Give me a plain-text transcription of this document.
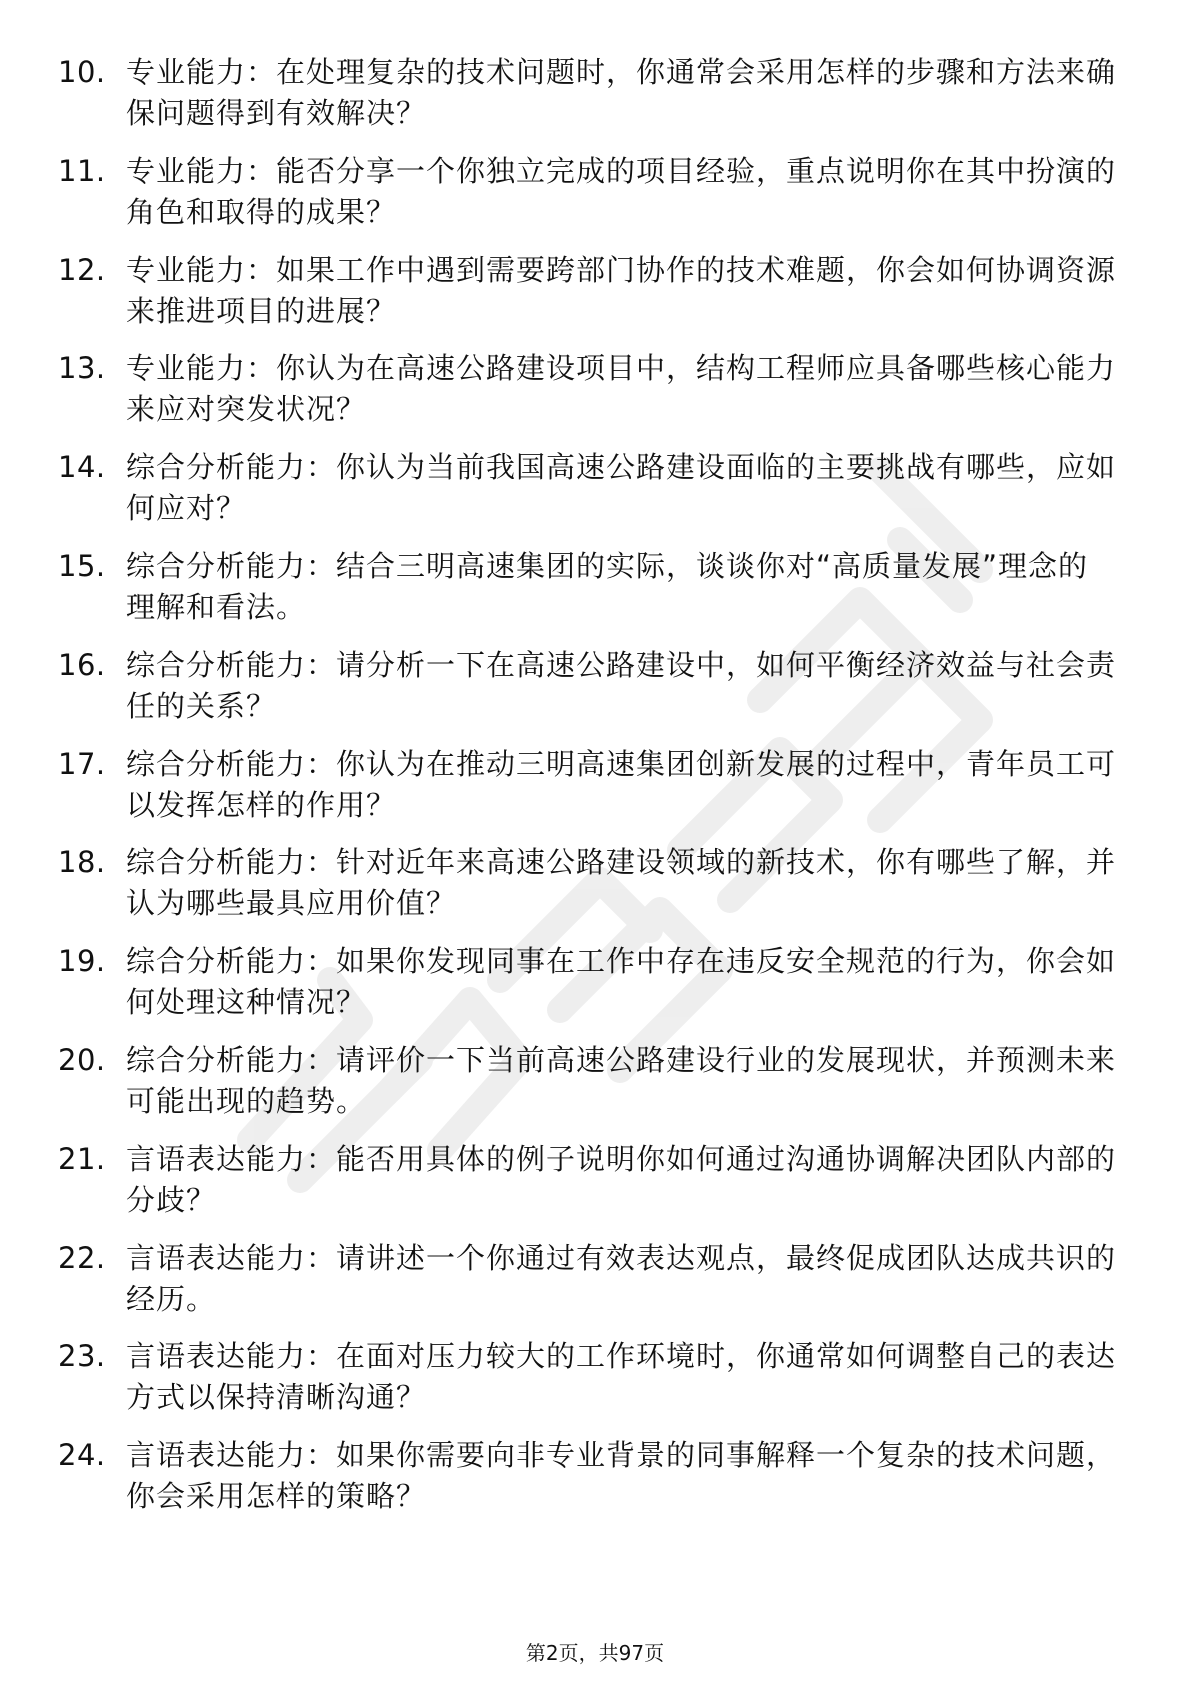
10. 专业能力：在处理复杂的技术问题时，你通常会采用怎样的步骤和方法来确保问题得到有效解决？
11. 专业能力：能否分享一个你独立完成的项目经验，重点说明你在其中扮演的角色和取得的成果？
12. 专业能力：如果工作中遇到需要跨部门协作的技术难题，你会如何协调资源来推进项目的进展？
13. 专业能力：你认为在高速公路建设项目中，结构工程师应具备哪些核心能力来应对突发状况？
14. 综合分析能力：你认为当前我国高速公路建设面临的主要挑战有哪些，应如何应对？
15. 综合分析能力：结合三明高速集团的实际，谈谈你对“高质量发展”理念的理解和看法。
16. 综合分析能力：请分析一下在高速公路建设中，如何平衡经济效益与社会责任的关系？
17. 综合分析能力：你认为在推动三明高速集团创新发展的过程中，青年员工可以发挥怎样的作用？
18. 综合分析能力：针对近年来高速公路建设领域的新技术，你有哪些了解，并认为哪些最具应用价值？
19. 综合分析能力：如果你发现同事在工作中存在违反安全规范的行为，你会如何处理这种情况？
20. 综合分析能力：请评价一下当前高速公路建设行业的发展现状，并预测未来可能出现的趋势。
21. 言语表达能力：能否用具体的例子说明你如何通过沟通协调解决团队内部的分歧？
22. 言语表达能力：请讲述一个你通过有效表达观点，最终促成团队达成共识的经历。
23. 言语表达能力：在面对压力较大的工作环境时，你通常如何调整自己的表达方式以保持清晰沟通？
24. 言语表达能力：如果你需要向非专业背景的同事解释一个复杂的技术问题，你会采用怎样的策略？
第2页，共97页
